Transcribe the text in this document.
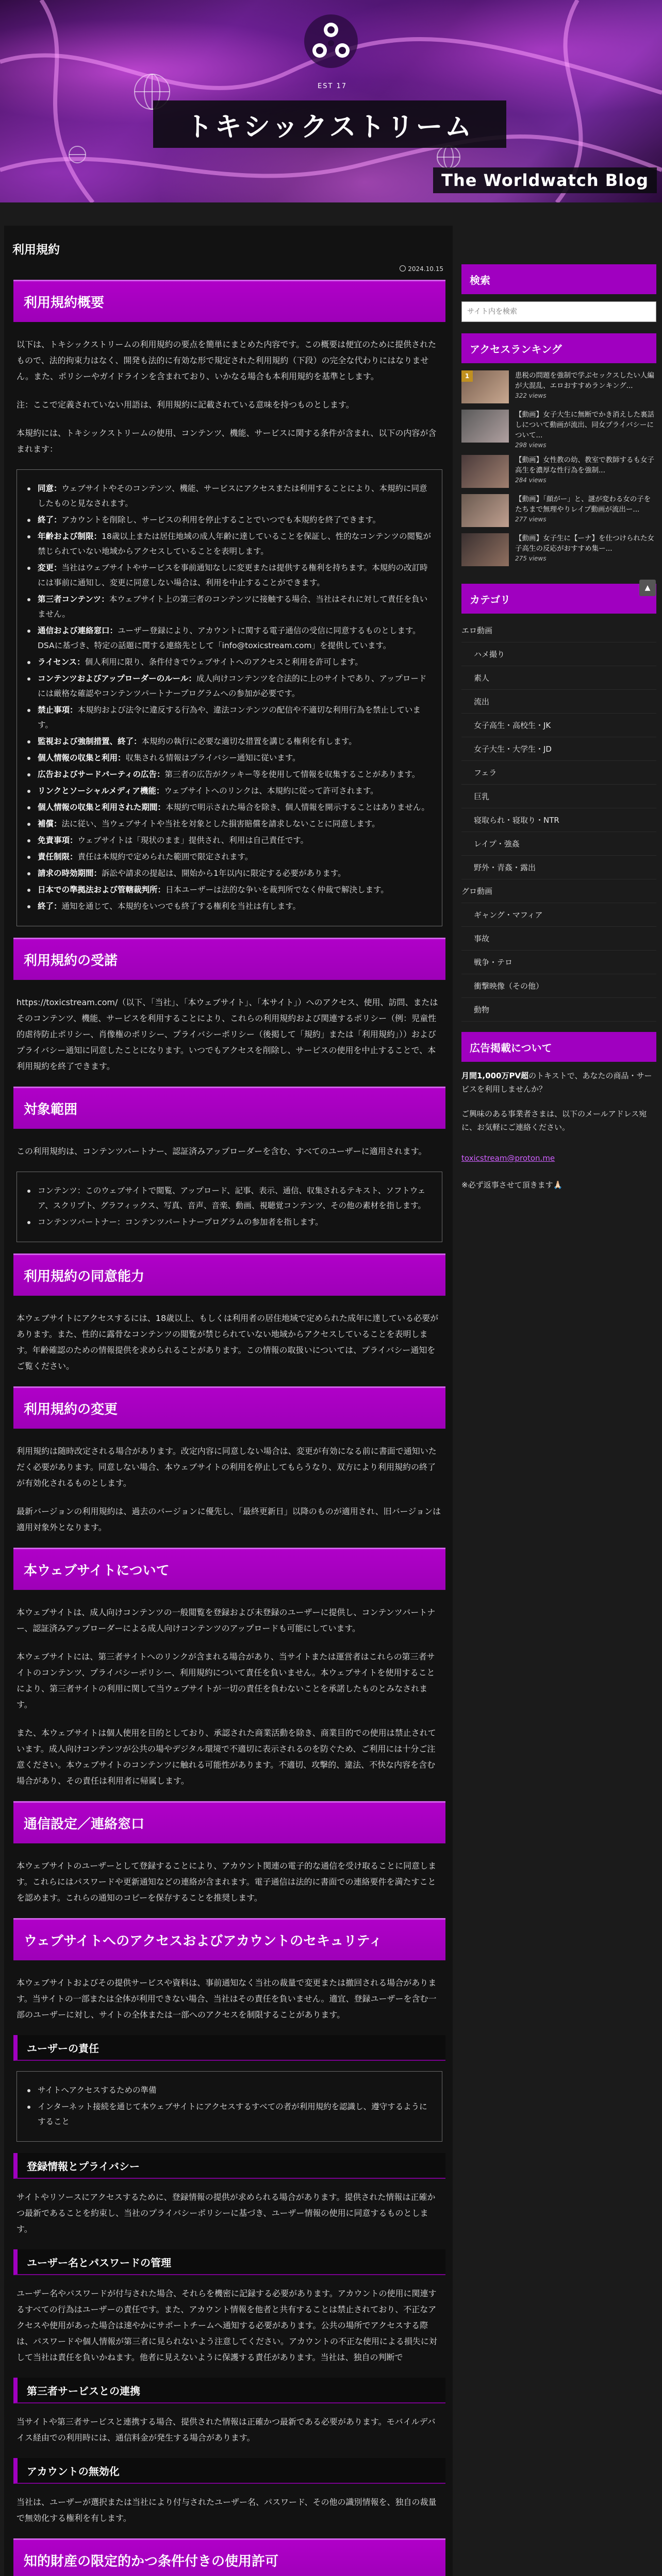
EST 17
トキシックストリーム
The Worldwatch Blog
利用規約
2024.10.15
利用規約概要

以下は、トキシックストリームの利用規約の要点を簡単にまとめた内容です。この概要は便宜のために提供されたもので、法的拘束力はなく、開発も法的に有効な形で規定された利用規約（下段）の完全な代わりにはなりません。また、ポリシーやガイドラインを含まれており、いかなる場合も本利用規約を基準とします。

注：ここで定義されていない用語は、利用規約に記載されている意味を持つものとします。

本規約には、トキシックストリームの使用、コンテンツ、機能、サービスに関する条件が含まれ、以下の内容が含まれます：

同意：ウェブサイトやそのコンテンツ、機能、サービスにアクセスまたは利用することにより、本規約に同意したものと見なされます。
終了：アカウントを削除し、サービスの利用を停止することでいつでも本規約を終了できます。
年齢および制限：18歳以上または居住地域の成人年齢に達していることを保証し、性的なコンテンツの閲覧が禁じられていない地域からアクセスしていることを表明します。
変更：当社はウェブサイトやサービスを事前通知なしに変更または提供する権利を持ちます。本規約の改訂時には事前に通知し、変更に同意しない場合は、利用を中止することができます。
第三者コンテンツ：本ウェブサイト上の第三者のコンテンツに接触する場合、当社はそれに対して責任を負いません。
通信および連絡窓口：ユーザー登録により、アカウントに関する電子通信の受信に同意するものとします。DSAに基づき、特定の話題に関する連絡先として「info@toxicstream.com」を提供しています。
ライセンス：個人利用に限り、条件付きでウェブサイトへのアクセスと利用を許可します。
コンテンツおよびアップローダーのルール：成人向けコンテンツを合法的に上のサイトであり、アップロードには厳格な確認やコンテンツパートナープログラムへの参加が必要です。
禁止事項：本規約および法令に違反する行為や、違法コンテンツの配信や不適切な利用行為を禁止しています。
監視および強制措置、終了：本規約の執行に必要な適切な措置を講じる権利を有します。
個人情報の収集と利用：収集される情報はプライバシー通知に従います。
広告およびサードパーティの広告：第三者の広告がクッキー等を使用して情報を収集することがあります。
リンクとソーシャルメディア機能：ウェブサイトへのリンクは、本規約に従って許可されます。
個人情報の収集と利用された期間：本規約で明示された場合を除き、個人情報を開示することはありません。
補償：法に従い、当ウェブサイトや当社を対象とした損害賠償を請求しないことに同意します。
免責事項：ウェブサイトは「現状のまま」提供され、利用は自己責任です。
責任制限：責任は本規約で定められた範囲で限定されます。
請求の時効期間：訴訟や請求の提起は、開始から1年以内に限定する必要があります。
日本での準拠法および管轄裁判所：日本ユーザーは法的な争いを裁判所でなく仲裁で解決します。
終了：通知を通じて、本規約をいつでも終了する権利を当社は有します。
利用規約の受諾

https://toxicstream.com/（以下、「当社」、「本ウェブサイト」、「本サイト」）へのアクセス、使用、訪問、またはそのコンテンツ、機能、サービスを利用することにより、これらの利用規約および関連するポリシー（例：児童性的虐待防止ポリシー、肖像権のポリシー、プライバシーポリシー（後掲して「規約」または「利用規約」））およびプライバシー通知に同意したことになります。いつでもアクセスを削除し、サービスの使用を中止することで、本利用規約を終了できます。

対象範囲

この利用規約は、コンテンツパートナー、認証済みアップローダーを含む、すべてのユーザーに適用されます。

コンテンツ：このウェブサイトで閲覧、アップロード、記事、表示、通信、収集されるテキスト、ソフトウェア、スクリプト、グラフィックス、写真、音声、音楽、動画、視聴覚コンテンツ、その他の素材を指します。
コンテンツパートナー：コンテンツパートナープログラムの参加者を指します。
利用規約の同意能力

本ウェブサイトにアクセスするには、18歳以上、もしくは利用者の居住地域で定められた成年に達している必要があります。また、性的に露骨なコンテンツの閲覧が禁じられていない地域からアクセスしていることを表明します。年齢確認のための情報提供を求められることがあります。この情報の取扱いについては、プライバシー通知をご覧ください。

利用規約の変更

利用規約は随時改定される場合があります。改定内容に同意しない場合は、変更が有効になる前に書面で通知いただく必要があります。同意しない場合、本ウェブサイトの利用を停止してもらうなり、双方により利用規約の終了が有効化されるものとします。

最新バージョンの利用規約は、過去のバージョンに優先し、「最終更新日」以降のものが適用され、旧バージョンは適用対象外となります。

本ウェブサイトについて

本ウェブサイトは、成人向けコンテンツの一般閲覧を登録および未登録のユーザーに提供し、コンテンツパートナー、認証済みアップローダーによる成人向けコンテンツのアップロードも可能にしています。

本ウェブサイトには、第三者サイトへのリンクが含まれる場合があり、当サイトまたは運営者はこれらの第三者サイトのコンテンツ、プライバシーポリシー、利用規約について責任を負いません。本ウェブサイトを使用することにより、第三者サイトの利用に関して当ウェブサイトが一切の責任を負わないことを承諾したものとみなされます。

また、本ウェブサイトは個人使用を目的としており、承認された商業活動を除き、商業目的での使用は禁止されています。成人向けコンテンツが公共の場やデジタル環境で不適切に表示されるのを防ぐため、ご利用には十分ご注意ください。本ウェブサイトのコンテンツに触れる可能性があります。不適切、攻撃的、違法、不快な内容を含む場合があり、その責任は利用者に帰属します。

通信設定／連絡窓口

本ウェブサイトのユーザーとして登録することにより、アカウント関連の電子的な通信を受け取ることに同意します。これらにはパスワードや更新通知などの連絡が含まれます。電子通信は法的に書面での連絡要件を満たすことを認めます。これらの通知のコピーを保存することを推奨します。

ウェブサイトへのアクセスおよびアカウントのセキュリティ

本ウェブサイトおよびその提供サービスや資料は、事前通知なく当社の裁量で変更または撤回される場合があります。当サイトの一部または全体が利用できない場合、当社はその責任を負いません。適宜、登録ユーザーを含む一部のユーザーに対し、サイトの全体または一部へのアクセスを制限することがあります。

ユーザーの責任
サイトへアクセスするための準備
インターネット接続を通じて本ウェブサイトにアクセスするすべての者が利用規約を認識し、遵守するようにすること
登録情報とプライバシー

サイトやリソースにアクセスするために、登録情報の提供が求められる場合があります。提供された情報は正確かつ最新であることを約束し、当社のプライバシーポリシーに基づき、ユーザー情報の使用に同意するものとします。

ユーザー名とパスワードの管理

ユーザー名やパスワードが付与された場合、それらを機密に記録する必要があります。アカウントの使用に関連するすべての行為はユーザーの責任です。また、アカウント情報を他者と共有することは禁止されており、不正なアクセスや使用があった場合は速やかにサポートチームへ通知する必要があります。公共の場所でアクセスする際は、パスワードや個人情報が第三者に見られないよう注意してください。アカウントの不正な使用による損失に対して当社は責任を負いかねます。他者に見えないように保護する責任があります。当社は、独自の判断で

第三者サービスとの連携

当サイトや第三者サービスと連携する場合、提供された情報は正確かつ最新である必要があります。モバイルデバイス経由での利用時には、通信料金が発生する場合があります。

アカウントの無効化

当社は、ユーザーが選択または当社により付与されたユーザー名、パスワード、その他の識別情報を、独自の裁量で無効化する権利を有します。

知的財産の限定的かつ条件付きの使用許可

検索
サイト内を検索
アクセスランキング
1	患税の問題を強制で学ぶセックスしたい人編が大混乱、エロおすすめランキング...
322 views
【動画】女子大生に無断でかき消えした裏話しについて動画が流出、同女プライバシーについて...
298 views
【動画】女性教の幼、教室で教師するも女子高生を濃厚な性行為を強制...
284 views
【動画】「顔がー」と、謎が変わる女の子をたちまで無理やりレイプ動画が流出ー...
277 views
【動画】女子生に【ーナ】を仕つけられた女子高生の反応がおすすめ集ー...
275 views
カテゴリ
エロ動画
ハメ撮り
素人
流出
女子高生・高校生・JK
女子大生・大学生・JD
フェラ
巨乳
寝取られ・寝取り・NTR
レイプ・強姦
野外・青姦・露出
グロ動画
ギャング・マフィア
事故
戦争・テロ
衝撃映像（その他）
動物
広告掲載について
月間1,000万PV超のトキストで、あなたの商品・サービスを利用しませんか？
ご興味のある事業者さまは、以下のメールアドレス宛に、お気軽にご連絡ください。
toxicstream@proton.me
※必ず返事させて頂きます🙏🏻
▲
